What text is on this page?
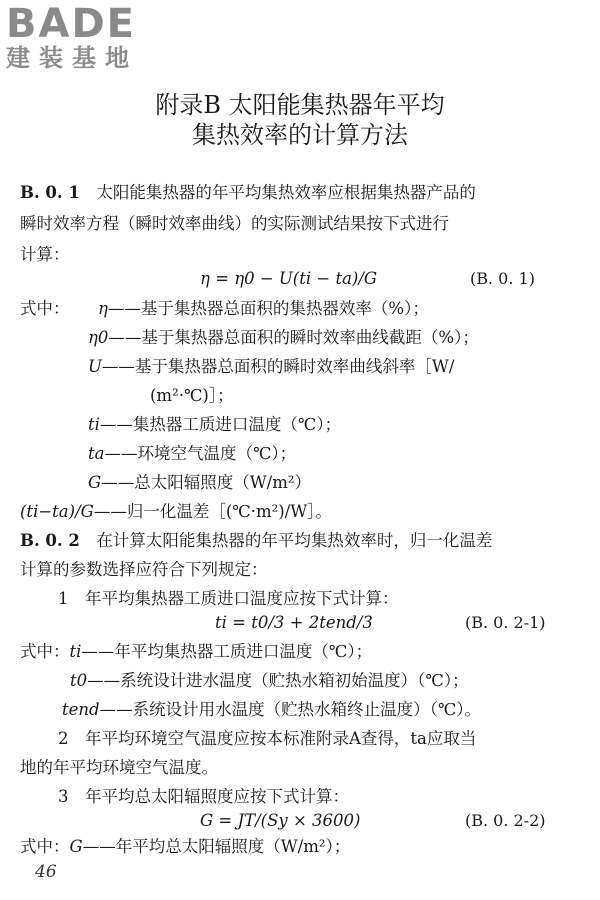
BADE
建装基地
附录B 太阳能集热器年平均
集热效率的计算方法
B. 0. 1　 太阳能集热器的年平均集热效率应根据集热器产品的
瞬时效率方程（瞬时效率曲线）的实际测试结果按下式进行
计算：
η = η0 − U(ti − ta)/G	(B. 0. 1)
式中： η——基于集热器总面积的集热器效率（%）；
η0——基于集热器总面积的瞬时效率曲线截距（%）；
U——基于集热器总面积的瞬时效率曲线斜率［W/
(m²·℃)］；
ti——集热器工质进口温度（℃）；
ta——环境空气温度（℃）；
G——总太阳辐照度（W/m²）
(ti−ta)/G——归一化温差［(℃·m²)/W］。
B. 0. 2　 在计算太阳能集热器的年平均集热效率时，归一化温差
计算的参数选择应符合下列规定：
1　年平均集热器工质进口温度应按下式计算：
ti = t0/3 + 2tend/3	(B. 0. 2-1)
式中：ti——年平均集热器工质进口温度（℃）；
t0——系统设计进水温度（贮热水箱初始温度）（℃）；
tend——系统设计用水温度（贮热水箱终止温度）（℃）。
2　年平均环境空气温度应按本标准附录A查得，ta应取当
地的年平均环境空气温度。
3　年平均总太阳辐照度应按下式计算：
G = JT/(Sy × 3600)	(B. 0. 2-2)
式中：G——年平均总太阳辐照度（W/m²）；
46
